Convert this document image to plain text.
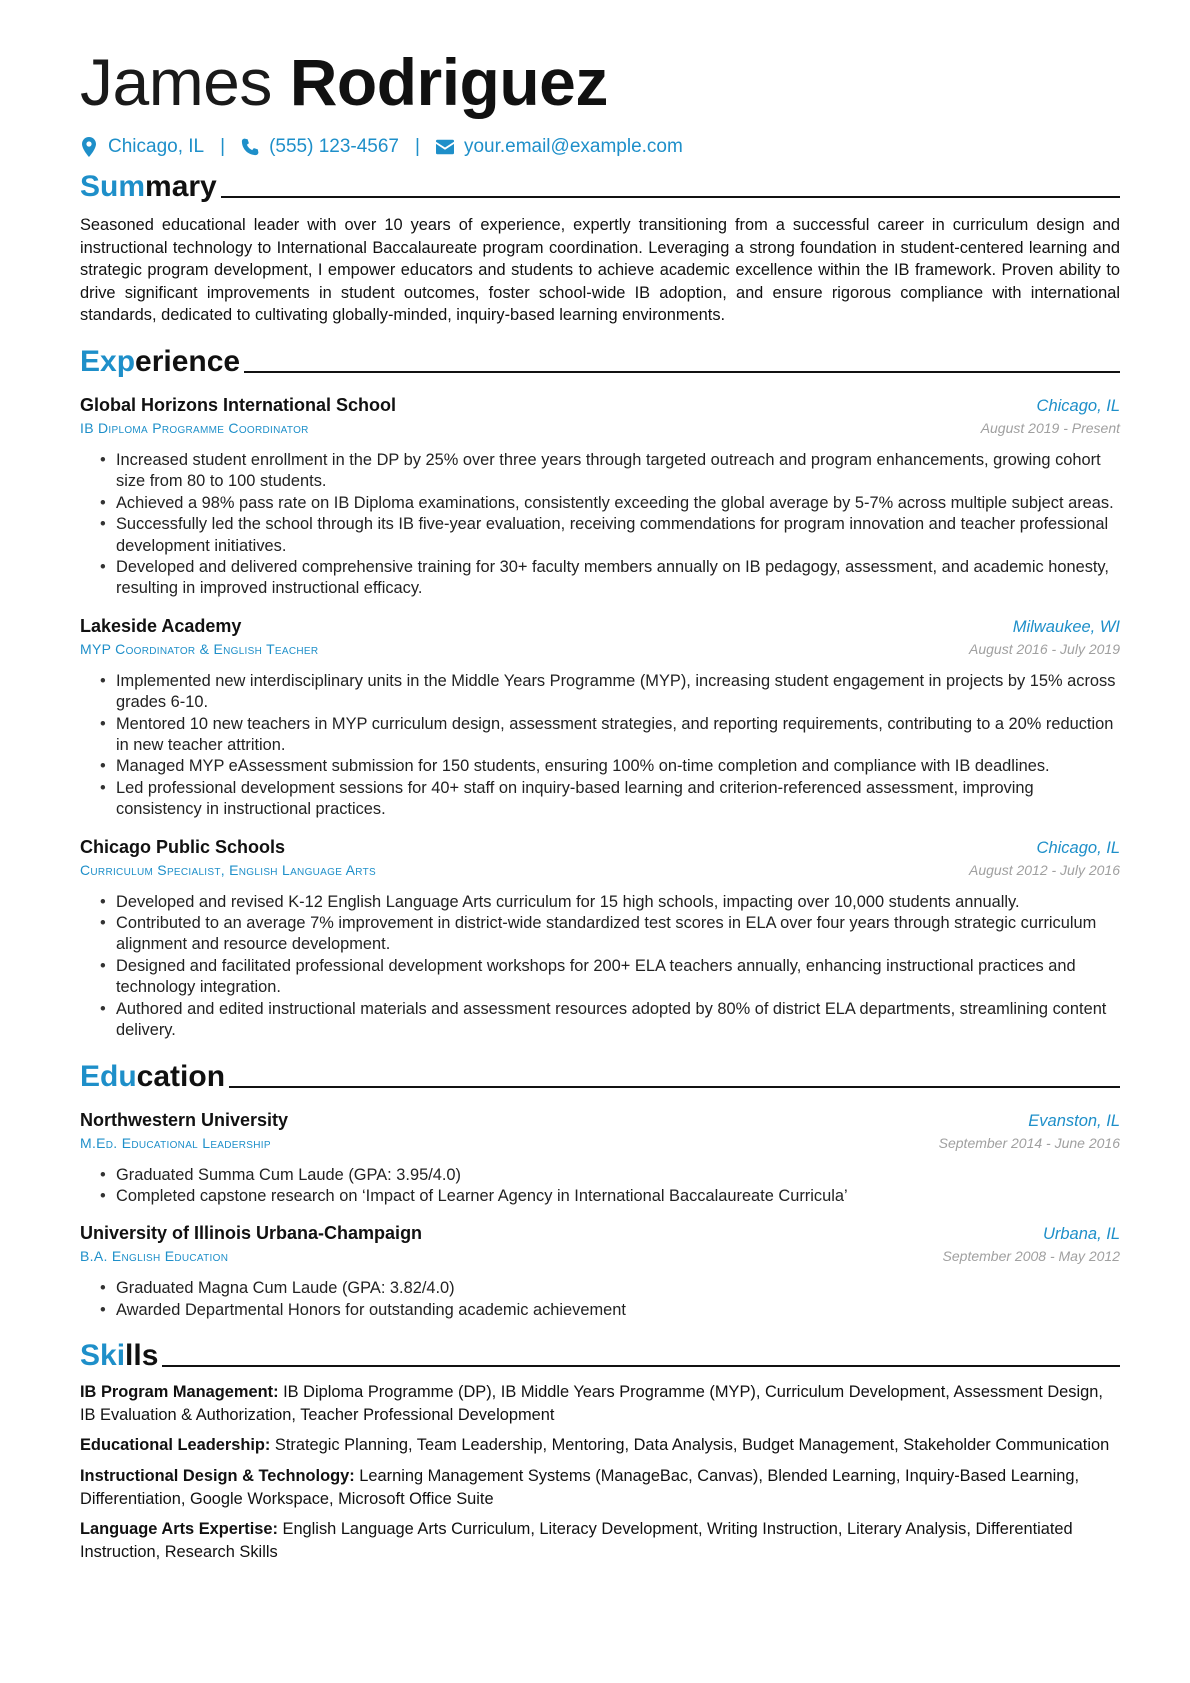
James Rodriguez
Chicago, IL | (555) 123-4567 | your.email@example.com
Summary
Seasoned educational leader with over 10 years of experience, expertly transitioning from a successful career in curriculum design and instructional technology to International Baccalaureate program coordination. Leveraging a strong foundation in student-centered learning and strategic program development, I empower educators and students to achieve academic excellence within the IB framework. Proven ability to drive significant improvements in student outcomes, foster school-wide IB adoption, and ensure rigorous compliance with international standards, dedicated to cultivating globally-minded, inquiry-based learning environments.
Experience
Global Horizons International School	Chicago, IL
IB Diploma Programme Coordinator	August 2019 - Present
• Increased student enrollment in the DP by 25% over three years through targeted outreach and program enhancements, growing cohort size from 80 to 100 students.
• Achieved a 98% pass rate on IB Diploma examinations, consistently exceeding the global average by 5-7% across multiple subject areas.
• Successfully led the school through its IB five-year evaluation, receiving commendations for program innovation and teacher professional development initiatives.
• Developed and delivered comprehensive training for 30+ faculty members annually on IB pedagogy, assessment, and academic honesty, resulting in improved instructional efficacy.
Lakeside Academy	Milwaukee, WI
MYP Coordinator & English Teacher	August 2016 - July 2019
• Implemented new interdisciplinary units in the Middle Years Programme (MYP), increasing student engagement in projects by 15% across grades 6-10.
• Mentored 10 new teachers in MYP curriculum design, assessment strategies, and reporting requirements, contributing to a 20% reduction in new teacher attrition.
• Managed MYP eAssessment submission for 150 students, ensuring 100% on-time completion and compliance with IB deadlines.
• Led professional development sessions for 40+ staff on inquiry-based learning and criterion-referenced assessment, improving consistency in instructional practices.
Chicago Public Schools	Chicago, IL
Curriculum Specialist, English Language Arts	August 2012 - July 2016
• Developed and revised K-12 English Language Arts curriculum for 15 high schools, impacting over 10,000 students annually.
• Contributed to an average 7% improvement in district-wide standardized test scores in ELA over four years through strategic curriculum alignment and resource development.
• Designed and facilitated professional development workshops for 200+ ELA teachers annually, enhancing instructional practices and technology integration.
• Authored and edited instructional materials and assessment resources adopted by 80% of district ELA departments, streamlining content delivery.
Education
Northwestern University	Evanston, IL
M.Ed. Educational Leadership	September 2014 - June 2016
• Graduated Summa Cum Laude (GPA: 3.95/4.0)
• Completed capstone research on ‘Impact of Learner Agency in International Baccalaureate Curricula’
University of Illinois Urbana-Champaign	Urbana, IL
B.A. English Education	September 2008 - May 2012
• Graduated Magna Cum Laude (GPA: 3.82/4.0)
• Awarded Departmental Honors for outstanding academic achievement
Skills
IB Program Management: IB Diploma Programme (DP), IB Middle Years Programme (MYP), Curriculum Development, Assessment Design, IB Evaluation & Authorization, Teacher Professional Development
Educational Leadership: Strategic Planning, Team Leadership, Mentoring, Data Analysis, Budget Management, Stakeholder Communication
Instructional Design & Technology: Learning Management Systems (ManageBac, Canvas), Blended Learning, Inquiry-Based Learning, Differentiation, Google Workspace, Microsoft Office Suite
Language Arts Expertise: English Language Arts Curriculum, Literacy Development, Writing Instruction, Literary Analysis, Differentiated Instruction, Research Skills
